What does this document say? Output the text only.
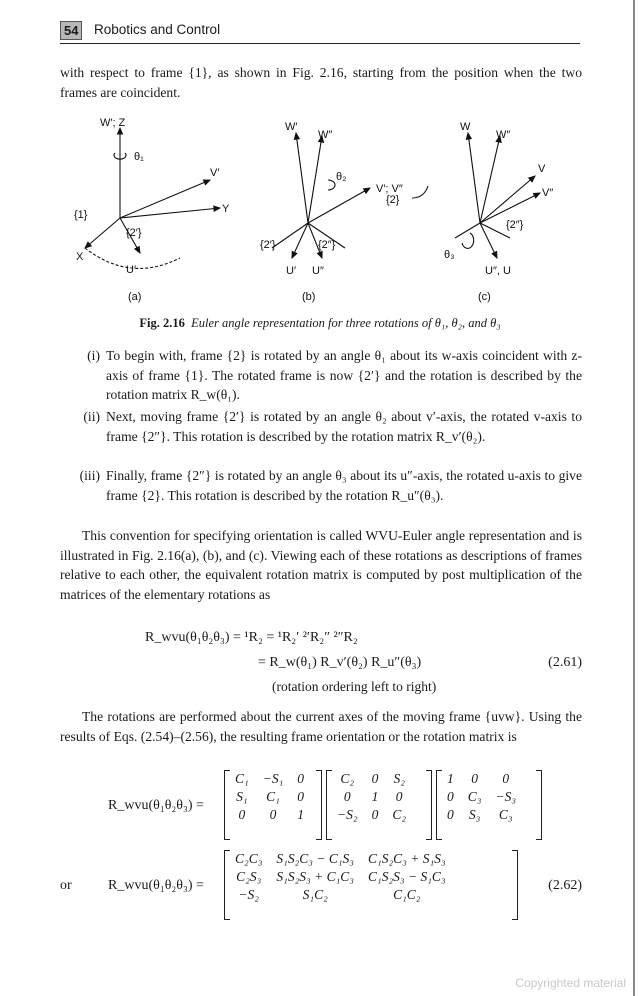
54 Robotics and Control
with respect to frame {1}, as shown in Fig. 2.16, starting from the position when the two frames are coincident.
W′; Z
θ₁
V′
Y
{1}
{2′}
X
U′
(a)
W′
W″
θ₂
V′; V″
{2′}	{2″}
U′ U″
(b)
W
W″
V
V″
{2}
{2″}
θ₃
U″, U
(c)
Fig. 2.16 Euler angle representation for three rotations of θ₁, θ₂, and θ₃
(i) To begin with, frame {2} is rotated by an angle θ₁ about its w-axis coincident with z-axis of frame {1}. The rotated frame is now {2′} and the rotation is described by the rotation matrix R_w(θ₁).
(ii) Next, moving frame {2′} is rotated by an angle θ₂ about v′-axis, the rotated v-axis to frame {2″}. This rotation is described by the rotation matrix R_v′(θ₂).
(iii) Finally, frame {2″} is rotated by an angle θ₃ about its u″-axis, the rotated u-axis to give frame {2}. This rotation is described by the rotation R_u″(θ₃).
This convention for specifying orientation is called WVU-Euler angle representation and is illustrated in Fig. 2.16(a), (b), and (c). Viewing each of these rotations as descriptions of frames relative to each other, the equivalent rotation matrix is computed by post multiplication of the matrices of the elementary rotations as
R_wvu(θ₁θ₂θ₃) = ¹R₂ = ¹R₂′ ²′R₂″ ²″R₂
= R_w(θ₁) R_v′(θ₂) R_u″(θ₃)	(2.61)
(rotation ordering left to right)
The rotations are performed about the current axes of the moving frame {uvw}. Using the results of Eqs. (2.54)–(2.56), the resulting frame orientation or the rotation matrix is
R_wvu(θ₁θ₂θ₃) =
C₁	−S₁	0
S₁	C₁	0
0	0	1
C₂	0	S₂
0	1	0
−S₂	0	C₂
1	0	0
0	C₃	−S₃
0	S₃	C₃
or	R_wvu(θ₁θ₂θ₃) =
C₂C₃	S₁S₂C₃ − C₁S₃	C₁S₂C₃ + S₁S₃
C₂S₃	S₁S₂S₃ + C₁C₃	C₁S₂S₃ − S₁C₃
−S₂	S₁C₂	C₁C₂
(2.62)
Copyrighted material
